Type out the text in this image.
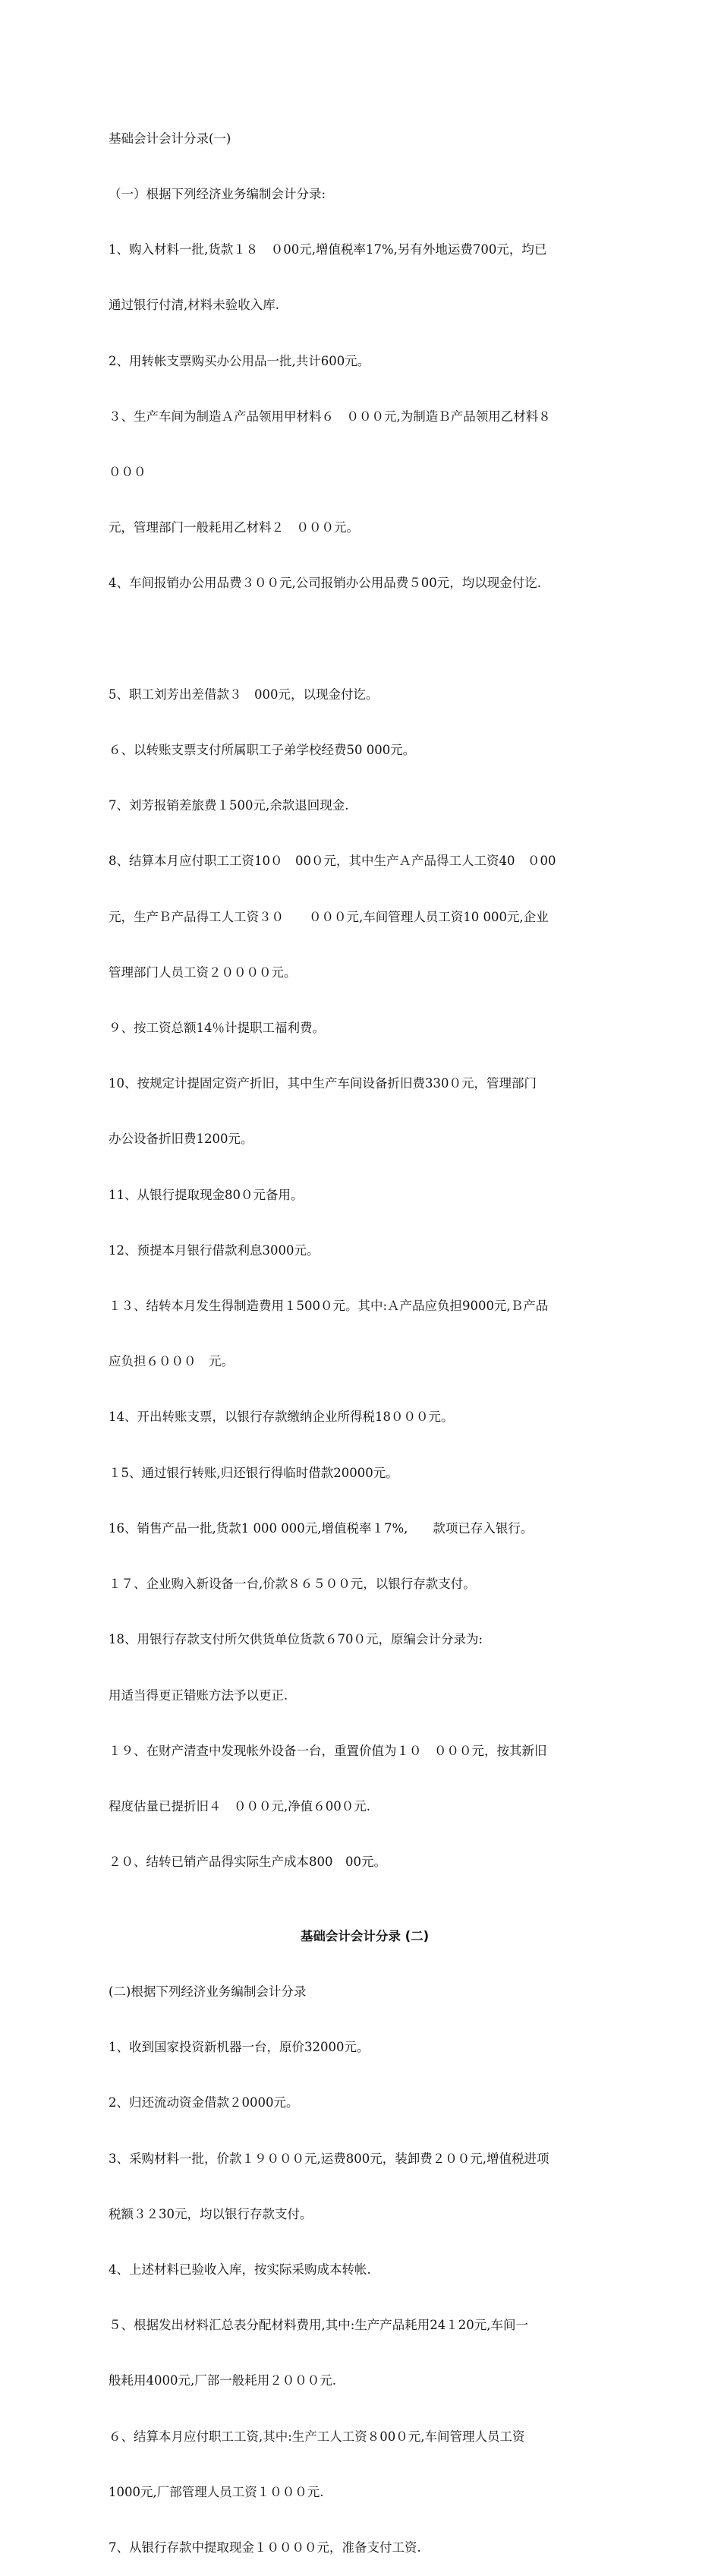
基础会计会计分录(一)

（一）根据下列经济业务编制会计分录:

1、购入材料一批,货款１８　０00元,增值税率17%,另有外地运费700元，均已

通过银行付清,材料未验收入库.

2、用转帐支票购买办公用品一批,共计600元。

３、生产车间为制造Ａ产品领用甲材料６　０００元,为制造Ｂ产品领用乙材料８

０００

元，管理部门一般耗用乙材料２　０００元。

4、车间报销办公用品费３００元,公司报销办公用品费５00元，均以现金付讫.

5、职工刘芳出差借款３　000元，以现金付讫。

６、以转账支票支付所属职工子弟学校经费50 000元。

7、刘芳报销差旅费１500元,余款退回现金.

8、结算本月应付职工工资10０　00０元，其中生产Ａ产品得工人工资40　０00

元，生产Ｂ产品得工人工资３０　　０００元,车间管理人员工资10 000元,企业

管理部门人员工资２００００元。

９、按工资总额14％计提职工福利费。

10、按规定计提固定资产折旧，其中生产车间设备折旧费330０元，管理部门

办公设备折旧费1200元。

11、从银行提取现金80０元备用。

12、预提本月银行借款利息3000元。

１３、结转本月发生得制造费用１500０元。其中:Ａ产品应负担9000元,Ｂ产品

应负担６０００　元。

14、开出转账支票，以银行存款缴纳企业所得税18０００元。

１5、通过银行转账,归还银行得临时借款20000元。

16、销售产品一批,货款1 000 000元,增值税率１7%,　　款项已存入银行。

１７、企业购入新设备一台,价款８６５００元，以银行存款支付。

18、用银行存款支付所欠供货单位货款６70０元，原编会计分录为:

用适当得更正错账方法予以更正.

１９、在财产清查中发现帐外设备一台，重置价值为１０　０００元，按其新旧

程度估量已提折旧４　０００元,净值６00０元.

２０、结转已销产品得实际生产成本800　00元。

基础会计会计分录 (二)

(二)根据下列经济业务编制会计分录

1、收到国家投资新机器一台，原价32000元。

2、归还流动资金借款２0000元。

3、采购材料一批，价款１９０００元,运费800元，装卸费２００元,增值税进项

税额３２30元，均以银行存款支付。

4、上述材料已验收入库，按实际采购成本转帐.

５、根据发出材料汇总表分配材料费用,其中:生产产品耗用24１20元,车间一

般耗用4000元,厂部一般耗用２０００元.

６、结算本月应付职工工资,其中:生产工人工资８00０元,车间管理人员工资

1000元,厂部管理人员工资１０００元.

7、从银行存款中提取现金１００００元，准备支付工资.
